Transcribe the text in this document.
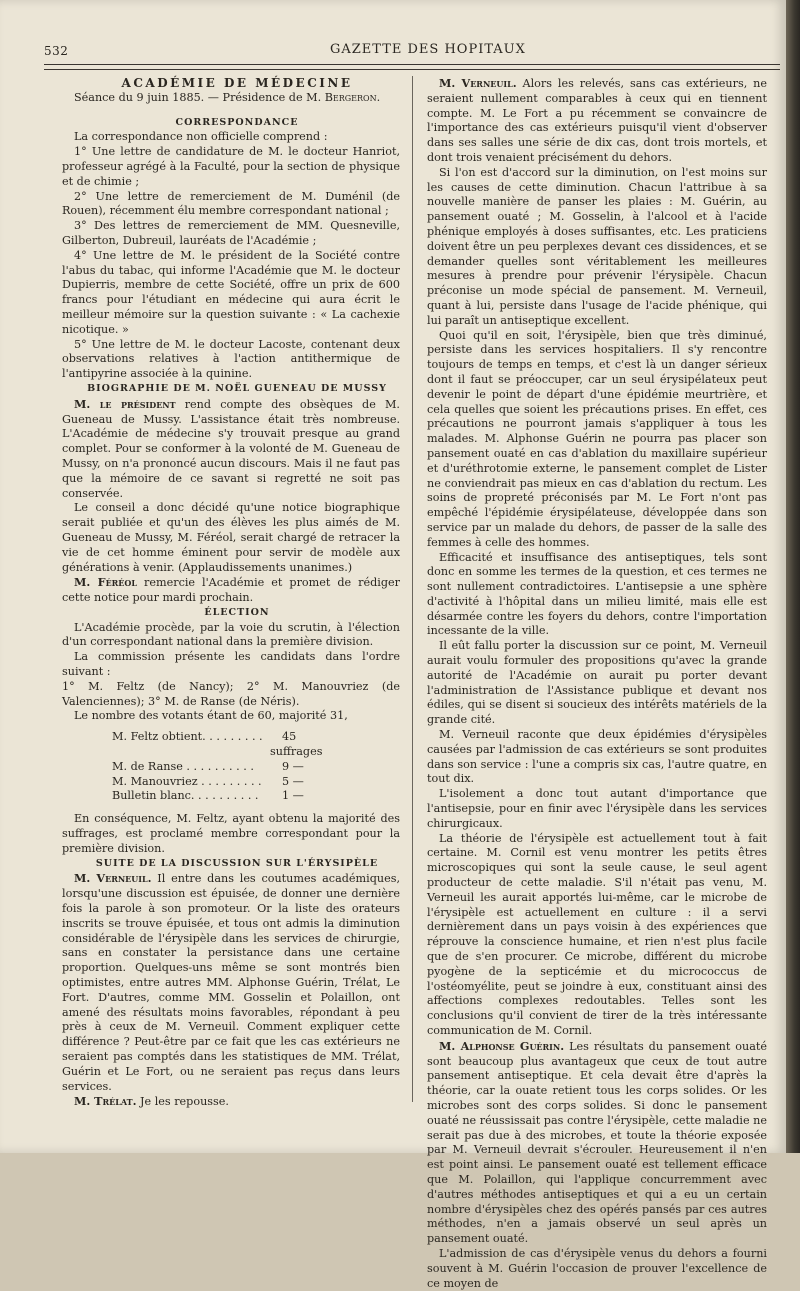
532	GAZETTE DES HOPITAUX

ACADÉMIE DE MÉDECINE

Séance du 9 juin 1885. — Présidence de M. Bergeron.

CORRESPONDANCE

La correspondance non officielle comprend :

1° Une lettre de candidature de M. le docteur Hanriot, professeur agrégé à la Faculté, pour la section de physique et de chimie ;

2° Une lettre de remerciement de M. Duménil (de Rouen), récemment élu membre correspondant national ;

3° Des lettres de remerciement de MM. Quesneville, Gilberton, Dubreuil, lauréats de l'Académie ;

4° Une lettre de M. le président de la Société contre l'abus du tabac, qui informe l'Académie que M. le docteur Dupierris, membre de cette Société, offre un prix de 600 francs pour l'étudiant en médecine qui aura écrit le meilleur mémoire sur la question suivante : « La cachexie nicotique. »

5° Une lettre de M. le docteur Lacoste, contenant deux observations relatives à l'action antithermique de l'antipyrine associée à la quinine.

BIOGRAPHIE DE M. NOËL GUENEAU DE MUSSY

M. le président rend compte des obsèques de M. Gueneau de Mussy. L'assistance était très nombreuse. L'Académie de médecine s'y trouvait presque au grand complet. Pour se conformer à la volonté de M. Gueneau de Mussy, on n'a prononcé aucun discours. Mais il ne faut pas que la mémoire de ce savant si regretté ne soit pas conservée.

Le conseil a donc décidé qu'une notice biographique serait publiée et qu'un des élèves les plus aimés de M. Gueneau de Mussy, M. Féréol, serait chargé de retracer la vie de cet homme éminent pour servir de modèle aux générations à venir. (Applaudissements unanimes.)

M. Féréol remercie l'Académie et promet de rédiger cette notice pour mardi prochain.

ÉLECTION

L'Académie procède, par la voie du scrutin, à l'élection d'un correspondant national dans la première division.

La commission présente les candidats dans l'ordre suivant :

1° M. Feltz (de Nancy); 2° M. Manouvriez (de Valenciennes); 3° M. de Ranse (de Néris).

Le nombre des votants étant de 60, majorité 31,

M. Feltz obtient. . . . . . . . .	45 suffrages

M. de Ranse . . . . . . . . . .	9 —

M. Manouvriez . . . . . . . . .	5 —

Bulletin blanc. . . . . . . . . .	1 —

En conséquence, M. Feltz, ayant obtenu la majorité des suffrages, est proclamé membre correspondant pour la première division.

SUITE DE LA DISCUSSION SUR L'ÉRYSIPÈLE

M. Verneuil. Il entre dans les coutumes académiques, lorsqu'une discussion est épuisée, de donner une dernière fois la parole à son promoteur. Or la liste des orateurs inscrits se trouve épuisée, et tous ont admis la diminution considérable de l'érysipèle dans les services de chirurgie, sans en constater la persistance dans une certaine proportion. Quelques-uns même se sont montrés bien optimistes, entre autres MM. Alphonse Guérin, Trélat, Le Fort. D'autres, comme MM. Gosselin et Polaillon, ont amené des résultats moins favorables, répondant à peu près à ceux de M. Verneuil. Comment expliquer cette différence ? Peut-être par ce fait que les cas extérieurs ne seraient pas comptés dans les statistiques de MM. Trélat, Guérin et Le Fort, ou ne seraient pas reçus dans leurs services.

M. Trélat. Je les repousse.

M. Verneuil. Alors les relevés, sans cas extérieurs, ne seraient nullement comparables à ceux qui en tiennent compte. M. Le Fort a pu récemment se convaincre de l'importance des cas extérieurs puisqu'il vient d'observer dans ses salles une série de dix cas, dont trois mortels, et dont trois venaient précisément du dehors.

Si l'on est d'accord sur la diminution, on l'est moins sur les causes de cette diminution. Chacun l'attribue à sa nouvelle manière de panser les plaies : M. Guérin, au pansement ouaté ; M. Gosselin, à l'alcool et à l'acide phénique employés à doses suffisantes, etc. Les praticiens doivent être un peu perplexes devant ces dissidences, et se demander quelles sont véritablement les meilleures mesures à prendre pour prévenir l'érysipèle. Chacun préconise un mode spécial de pansement. M. Verneuil, quant à lui, persiste dans l'usage de l'acide phénique, qui lui paraît un antiseptique excellent.

Quoi qu'il en soit, l'érysipèle, bien que très diminué, persiste dans les services hospitaliers. Il s'y rencontre toujours de temps en temps, et c'est là un danger sérieux dont il faut se préoccuper, car un seul érysipélateux peut devenir le point de départ d'une épidémie meurtrière, et cela quelles que soient les précautions prises. En effet, ces précautions ne pourront jamais s'appliquer à tous les malades. M. Alphonse Guérin ne pourra pas placer son pansement ouaté en cas d'ablation du maxillaire supérieur et d'uréthrotomie externe, le pansement complet de Lister ne conviendrait pas mieux en cas d'ablation du rectum. Les soins de propreté préconisés par M. Le Fort n'ont pas empêché l'épidémie érysipélateuse, développée dans son service par un malade du dehors, de passer de la salle des femmes à celle des hommes.

Efficacité et insuffisance des antiseptiques, tels sont donc en somme les termes de la question, et ces termes ne sont nullement contradictoires. L'antisepsie a une sphère d'activité à l'hôpital dans un milieu limité, mais elle est désarmée contre les foyers du dehors, contre l'importation incessante de la ville.

Il eût fallu porter la discussion sur ce point, M. Verneuil aurait voulu formuler des propositions qu'avec la grande autorité de l'Académie on aurait pu porter devant l'administration de l'Assistance publique et devant nos édiles, qui se disent si soucieux des intérêts matériels de la grande cité.

M. Verneuil raconte que deux épidémies d'érysipèles causées par l'admission de cas extérieurs se sont produites dans son service : l'une a compris six cas, l'autre quatre, en tout dix.

L'isolement a donc tout autant d'importance que l'antisepsie, pour en finir avec l'érysipèle dans les services chirurgicaux.

La théorie de l'érysipèle est actuellement tout à fait certaine. M. Cornil est venu montrer les petits êtres microscopiques qui sont la seule cause, le seul agent producteur de cette maladie. S'il n'était pas venu, M. Verneuil les aurait apportés lui-même, car le microbe de l'érysipèle est actuellement en culture : il a servi dernièrement dans un pays voisin à des expériences que réprouve la conscience humaine, et rien n'est plus facile que de s'en procurer. Ce microbe, différent du microbe pyogène de la septicémie et du micrococcus de l'ostéomyélite, peut se joindre à eux, constituant ainsi des affections complexes redoutables. Telles sont les conclusions qu'il convient de tirer de la très intéressante communication de M. Cornil.

M. Alphonse Guérin. Les résultats du pansement ouaté sont beaucoup plus avantageux que ceux de tout autre pansement antiseptique. Et cela devait être d'après la théorie, car la ouate retient tous les corps solides. Or les microbes sont des corps solides. Si donc le pansement ouaté ne réussissait pas contre l'érysipèle, cette maladie ne serait pas due à des microbes, et toute la théorie exposée par M. Verneuil devrait s'écrouler. Heureusement il n'en est point ainsi. Le pansement ouaté est tellement efficace que M. Polaillon, qui l'applique concurremment avec d'autres méthodes antiseptiques et qui a eu un certain nombre d'érysipèles chez des opérés pansés par ces autres méthodes, n'en a jamais observé un seul après un pansement ouaté.

L'admission de cas d'érysipèle venus du dehors a fourni souvent à M. Guérin l'occasion de prouver l'excellence de ce moyen de
